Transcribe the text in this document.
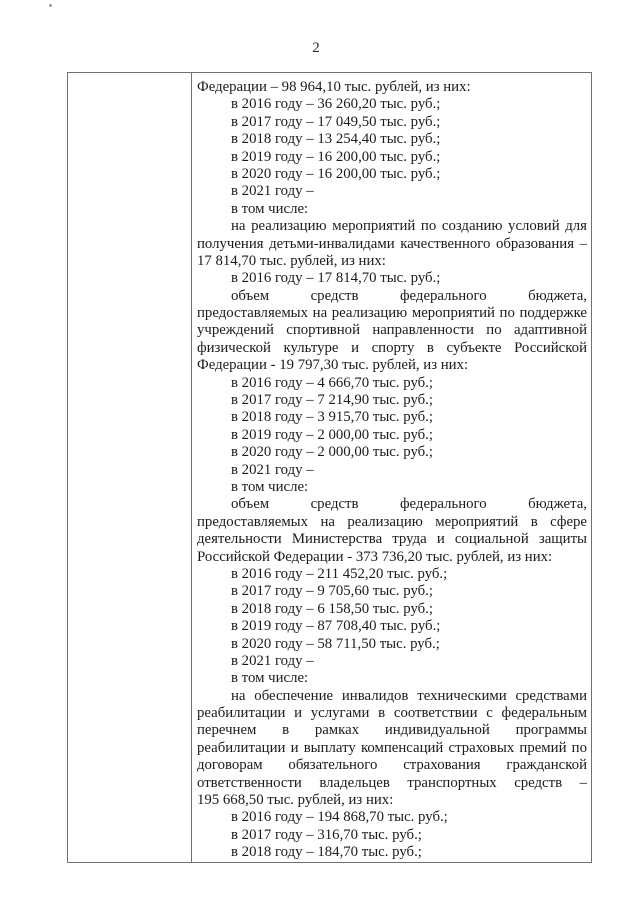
2
Федерации – 98 964,10 тыс. рублей, из них:
в 2016 году – 36 260,20 тыс. руб.;
в 2017 году – 17 049,50 тыс. руб.;
в 2018 году – 13 254,40 тыс. руб.;
в 2019 году – 16 200,00 тыс. руб.;
в 2020 году – 16 200,00 тыс. руб.;
в 2021 году –
в том числе:
на реализацию мероприятий по созданию условий для
получения детьми-инвалидами качественного образования –
17 814,70 тыс. рублей, из них:
в 2016 году – 17 814,70 тыс. руб.;
объем средств федерального бюджета,
предоставляемых на реализацию мероприятий по поддержке
учреждений спортивной направленности по адаптивной
физической культуре и спорту в субъекте Российской
Федерации - 19 797,30 тыс. рублей, из них:
в 2016 году – 4 666,70 тыс. руб.;
в 2017 году – 7 214,90 тыс. руб.;
в 2018 году – 3 915,70 тыс. руб.;
в 2019 году – 2 000,00 тыс. руб.;
в 2020 году – 2 000,00 тыс. руб.;
в 2021 году –
в том числе:
объем средств федерального бюджета,
предоставляемых на реализацию мероприятий в сфере
деятельности Министерства труда и социальной защиты
Российской Федерации - 373 736,20 тыс. рублей, из них:
в 2016 году – 211 452,20 тыс. руб.;
в 2017 году – 9 705,60 тыс. руб.;
в 2018 году – 6 158,50 тыс. руб.;
в 2019 году – 87 708,40 тыс. руб.;
в 2020 году – 58 711,50 тыс. руб.;
в 2021 году –
в том числе:
на обеспечение инвалидов техническими средствами
реабилитации и услугами в соответствии с федеральным
перечнем в рамках индивидуальной программы
реабилитации и выплату компенсаций страховых премий по
договорам обязательного страхования гражданской
ответственности владельцев транспортных средств –
195 668,50 тыс. рублей, из них:
в 2016 году – 194 868,70 тыс. руб.;
в 2017 году – 316,70 тыс. руб.;
в 2018 году – 184,70 тыс. руб.;
